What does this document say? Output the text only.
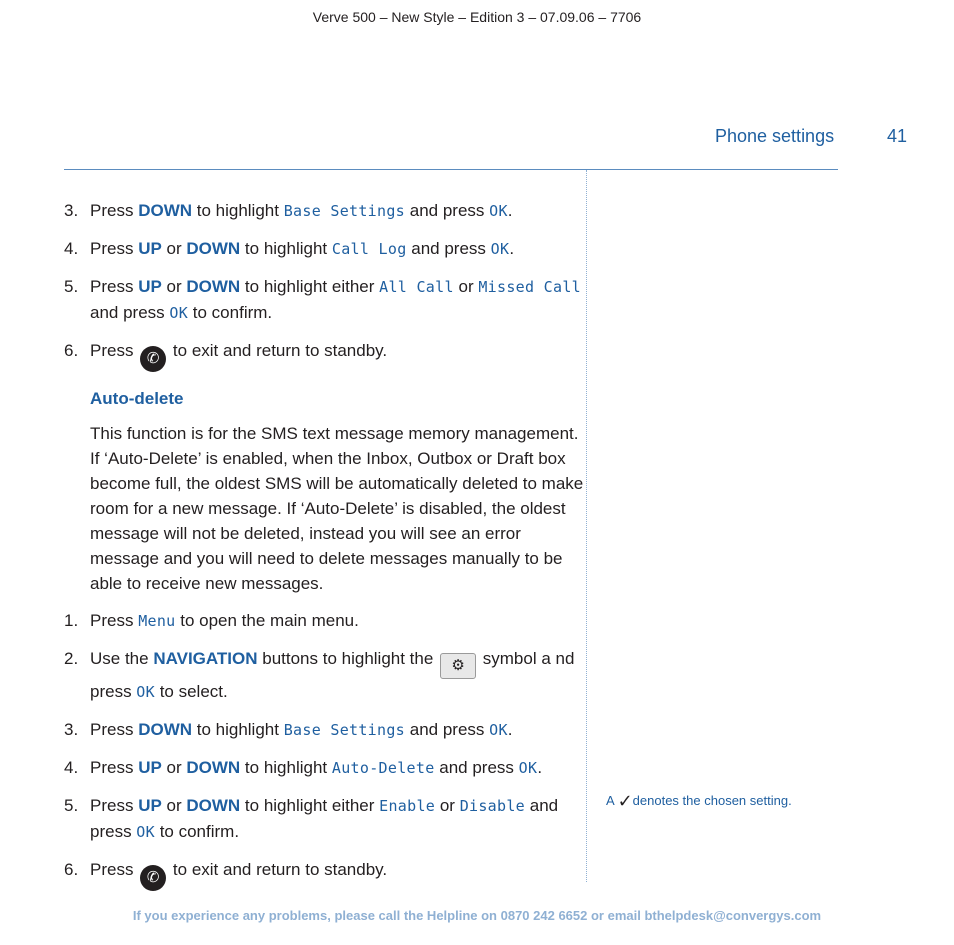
Verve 500 – New Style – Edition 3 – 07.09.06 – 7706
Phone settings	41
3. Press DOWN to highlight Base Settings and press OK.
4. Press UP or DOWN to highlight Call Log and press OK.
5. Press UP or DOWN to highlight either All Call or Missed Call and press OK to confirm.
6. Press ✆ to exit and return to standby.
Auto-delete
This function is for the SMS text message memory management. If ‘Auto-Delete’ is enabled, when the Inbox, Outbox or Draft box become full, the oldest SMS will be automatically deleted to make room for a new message. If ‘Auto-Delete’ is disabled, the oldest message will not be deleted, instead you will see an error message and you will need to delete messages manually to be able to receive new messages.
1. Press Menu to open the main menu.
2. Use the NAVIGATION buttons to highlight the ⚙ symbol a nd press OK to select.
3. Press DOWN to highlight Base Settings and press OK.
4. Press UP or DOWN to highlight Auto-Delete and press OK.
5. Press UP or DOWN to highlight either Enable or Disable and press OK to confirm.
6. Press ✆ to exit and return to standby.
A ✓denotes the chosen setting.
If you experience any problems, please call the Helpline on 0870 242 6652 or email bthelpdesk@convergys.com
